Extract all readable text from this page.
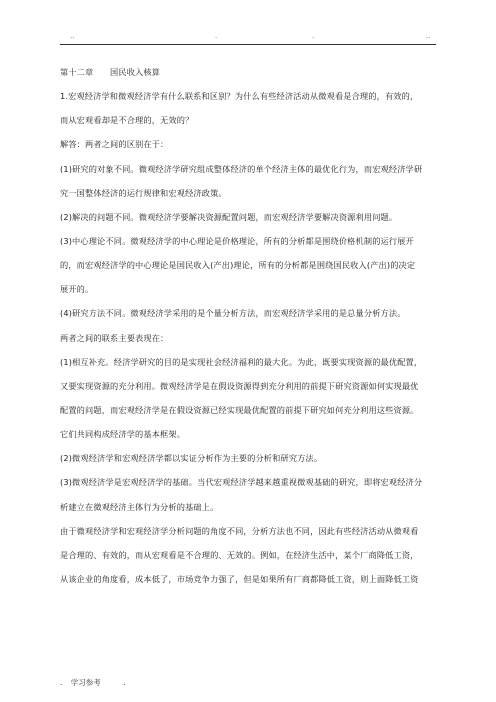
..	.	.	..
第十二章　　国民收入核算
1.宏观经济学和微观经济学有什么联系和区别？为什么有些经济活动从微观看是合理的，有效的，
而从宏观看却是不合理的，无效的？
解答：两者之间的区别在于：
(1)研究的对象不同。微观经济学研究组成整体经济的单个经济主体的最优化行为，而宏观经济学研
究一国整体经济的运行规律和宏观经济政策。
(2)解决的问题不同。微观经济学要解决资源配置问题，而宏观经济学要解决资源利用问题。
(3)中心理论不同。微观经济学的中心理论是价格理论，所有的分析都是围绕价格机制的运行展开
的，而宏观经济学的中心理论是国民收入(产出)理论，所有的分析都是围绕国民收入(产出)的决定
展开的。
(4)研究方法不同。微观经济学采用的是个量分析方法，而宏观经济学采用的是总量分析方法。
两者之间的联系主要表现在：
(1)相互补充。经济学研究的目的是实现社会经济福利的最大化。为此，既要实现资源的最优配置，
又要实现资源的充分利用。微观经济学是在假设资源得到充分利用的前提下研究资源如何实现最优
配置的问题，而宏观经济学是在假设资源已经实现最优配置的前提下研究如何充分利用这些资源。
它们共同构成经济学的基本框架。
(2)微观经济学和宏观经济学都以实证分析作为主要的分析和研究方法。
(3)微观经济学是宏观经济学的基础。当代宏观经济学越来越重视微观基础的研究，即将宏观经济分
析建立在微观经济主体行为分析的基础上。
由于微观经济学和宏观经济学分析问题的角度不同，分析方法也不同，因此有些经济活动从微观看
是合理的、有效的，而从宏观看是不合理的、无效的。例如，在经济生活中，某个厂商降低工资，
从该企业的角度看，成本低了，市场竞争力强了，但是如果所有厂商都降低工资，则上面降低工资
. 学习参考	.
